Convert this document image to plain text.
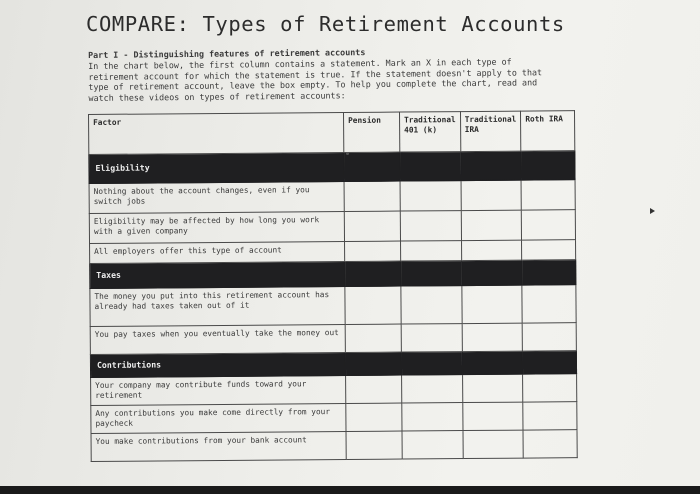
COMPARE: Types of Retirement Accounts
Part I - Distinguishing features of retirement accounts
In the chart below, the first column contains a statement. Mark an X in each type of retirement account for which the statement is true. If the statement doesn't apply to that type of retirement account, leave the box empty. To help you complete the chart, read and watch these videos on types of retirement accounts:
Factor	Pension	Traditional 401 (k)	Traditional IRA	Roth IRA
Eligibility				
Nothing about the account changes, even if you switch jobs				
Eligibility may be affected by how long you work with a given company				
All employers offer this type of account				
Taxes				
The money you put into this retirement account has already had taxes taken out of it				
You pay taxes when you eventually take the money out				
Contributions				
Your company may contribute funds toward your retirement				
Any contributions you make come directly from your paycheck				
You make contributions from your bank account				
